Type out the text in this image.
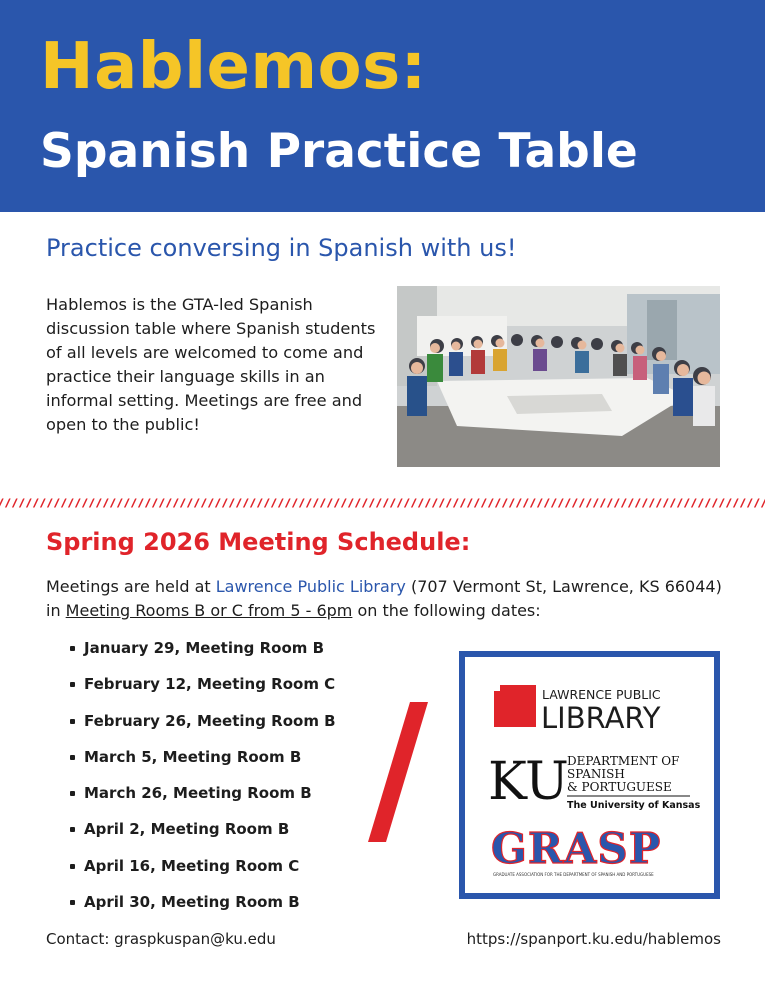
Hablemos:
Spanish Practice Table
Practice conversing in Spanish with us!

Hablemos is the GTA-led Spanish discussion table where Spanish students of all levels are welcomed to come and practice their language skills in an informal setting. Meetings are free and open to the public!

Spring 2026 Meeting Schedule:

Meetings are held at Lawrence Public Library (707 Vermont St, Lawrence, KS 66044) in Meeting Rooms B or C from 5 - 6pm on the following dates:

January 29, Meeting Room B
February 12, Meeting Room C
February 26, Meeting Room B
March 5, Meeting Room B
March 26, Meeting Room B
April 2, Meeting Room B
April 16, Meeting Room C
April 30, Meeting Room B
LAWRENCE PUBLIC
LIBRARY
KU
DEPARTMENT OF
SPANISH
& PORTUGUESE
The University of Kansas
GRASP
GRADUATE ASSOCIATION FOR THE DEPARTMENT OF SPANISH AND PORTUGUESE
Contact: graspkuspan@ku.edu	https://spanport.ku.edu/hablemos
